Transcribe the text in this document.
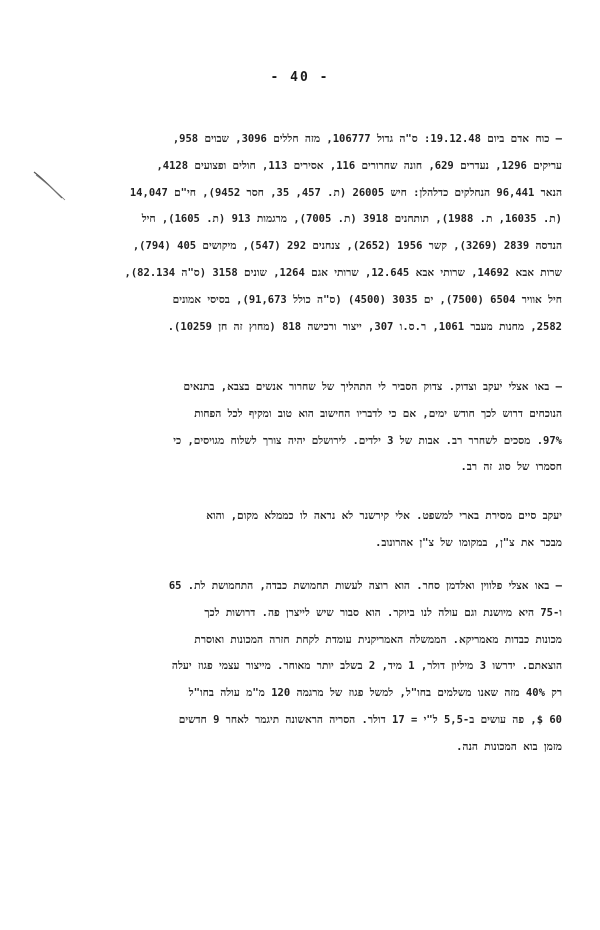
- 40 -
– כוח אדם ביום 19.12.48: ס"ה גדול 106777, מזה חללים 3096, שבוים 958,
עריקים 1296, נעדרים 629, חונה שחרורים 116, אסירים 113, חולים ופצועים 4128,
הנאר 96,441 הנחלקים כדלהלן: חיש 26005 (ת. 457, 35, חסר 9452), חי"ם 14,047
(ת. 16035, ת. 1988), תותחנים 3918 (ת. 7005), מרגמות 913 (ת. 1605), חיל
הנדסה 2839 (3269), קשר 1956 (2652), צנחנים 292 (547), מיקושים 405 (794),
שרות אבא 14692, שרותי אבא 12.645, שרותי אגם 1264, שונים 3158 (ס"ה 82.134),
חיל אוויר 6504 (7500), ים 3035 (4500) (ס"ה כולל 91,673), בסיסי אמונים
2582, מחנות מעבר 1061, ר.ס.ו 307, ייצור ורכישה 818 (מחוץ זה חן 10259).
– באו אצלי יעקב וצדוק. צדוק הסביר לי התהליך של שחרור אנשים בצבא, בתנאים
הנוכחים דרוש לכך חודש ימים, אם כי לדבריו החישוב הוא טוב ומקיף לכל הפחות
97%. מסכים לשחרר רב. אבות של 3 ילדים. לירושלם יהיה צורך לשלוח מגויסים, כי
חסמרו של סוג זה רב.
יעקב סיים מסירת בארי למשפט. אלי קירשנר לא נראה לו כממלא מקום, והוא
מבכר את צ"ן, במקומו של צ"ן אהרונוב.
– באו אצלי פלווין ואלדמן סחר. הוא רוצה לעשות תחמושת כבדה, התחמושת לת. 65
ו-75 היא מיושנת וגם עולה לנו ביוקר. הוא סבור שיש לייצרן פה. דרושות לכך
מכונות כבדות מאמריקא. הממשלה האמריקנית עומדת לקחת חזרה המכונות ואוסרת
הוצאתם. ידרשו 3 מיליון דולר, 1 מיד, 2 בשלב יותר מאוחר. מייצור עצמי פגוז יעלה
רק 40% מזה שאנו משלמים בחו"ל, למשל פגוז של מרגמה 120 מ"מ עולה בחו"ל
60 $, פה עושים ב-5,5 ל"י = 17 דולר. הסריה הראשונה תיגמר לאחר 9 חדשים
מזמן בוא המכונות הנה.
